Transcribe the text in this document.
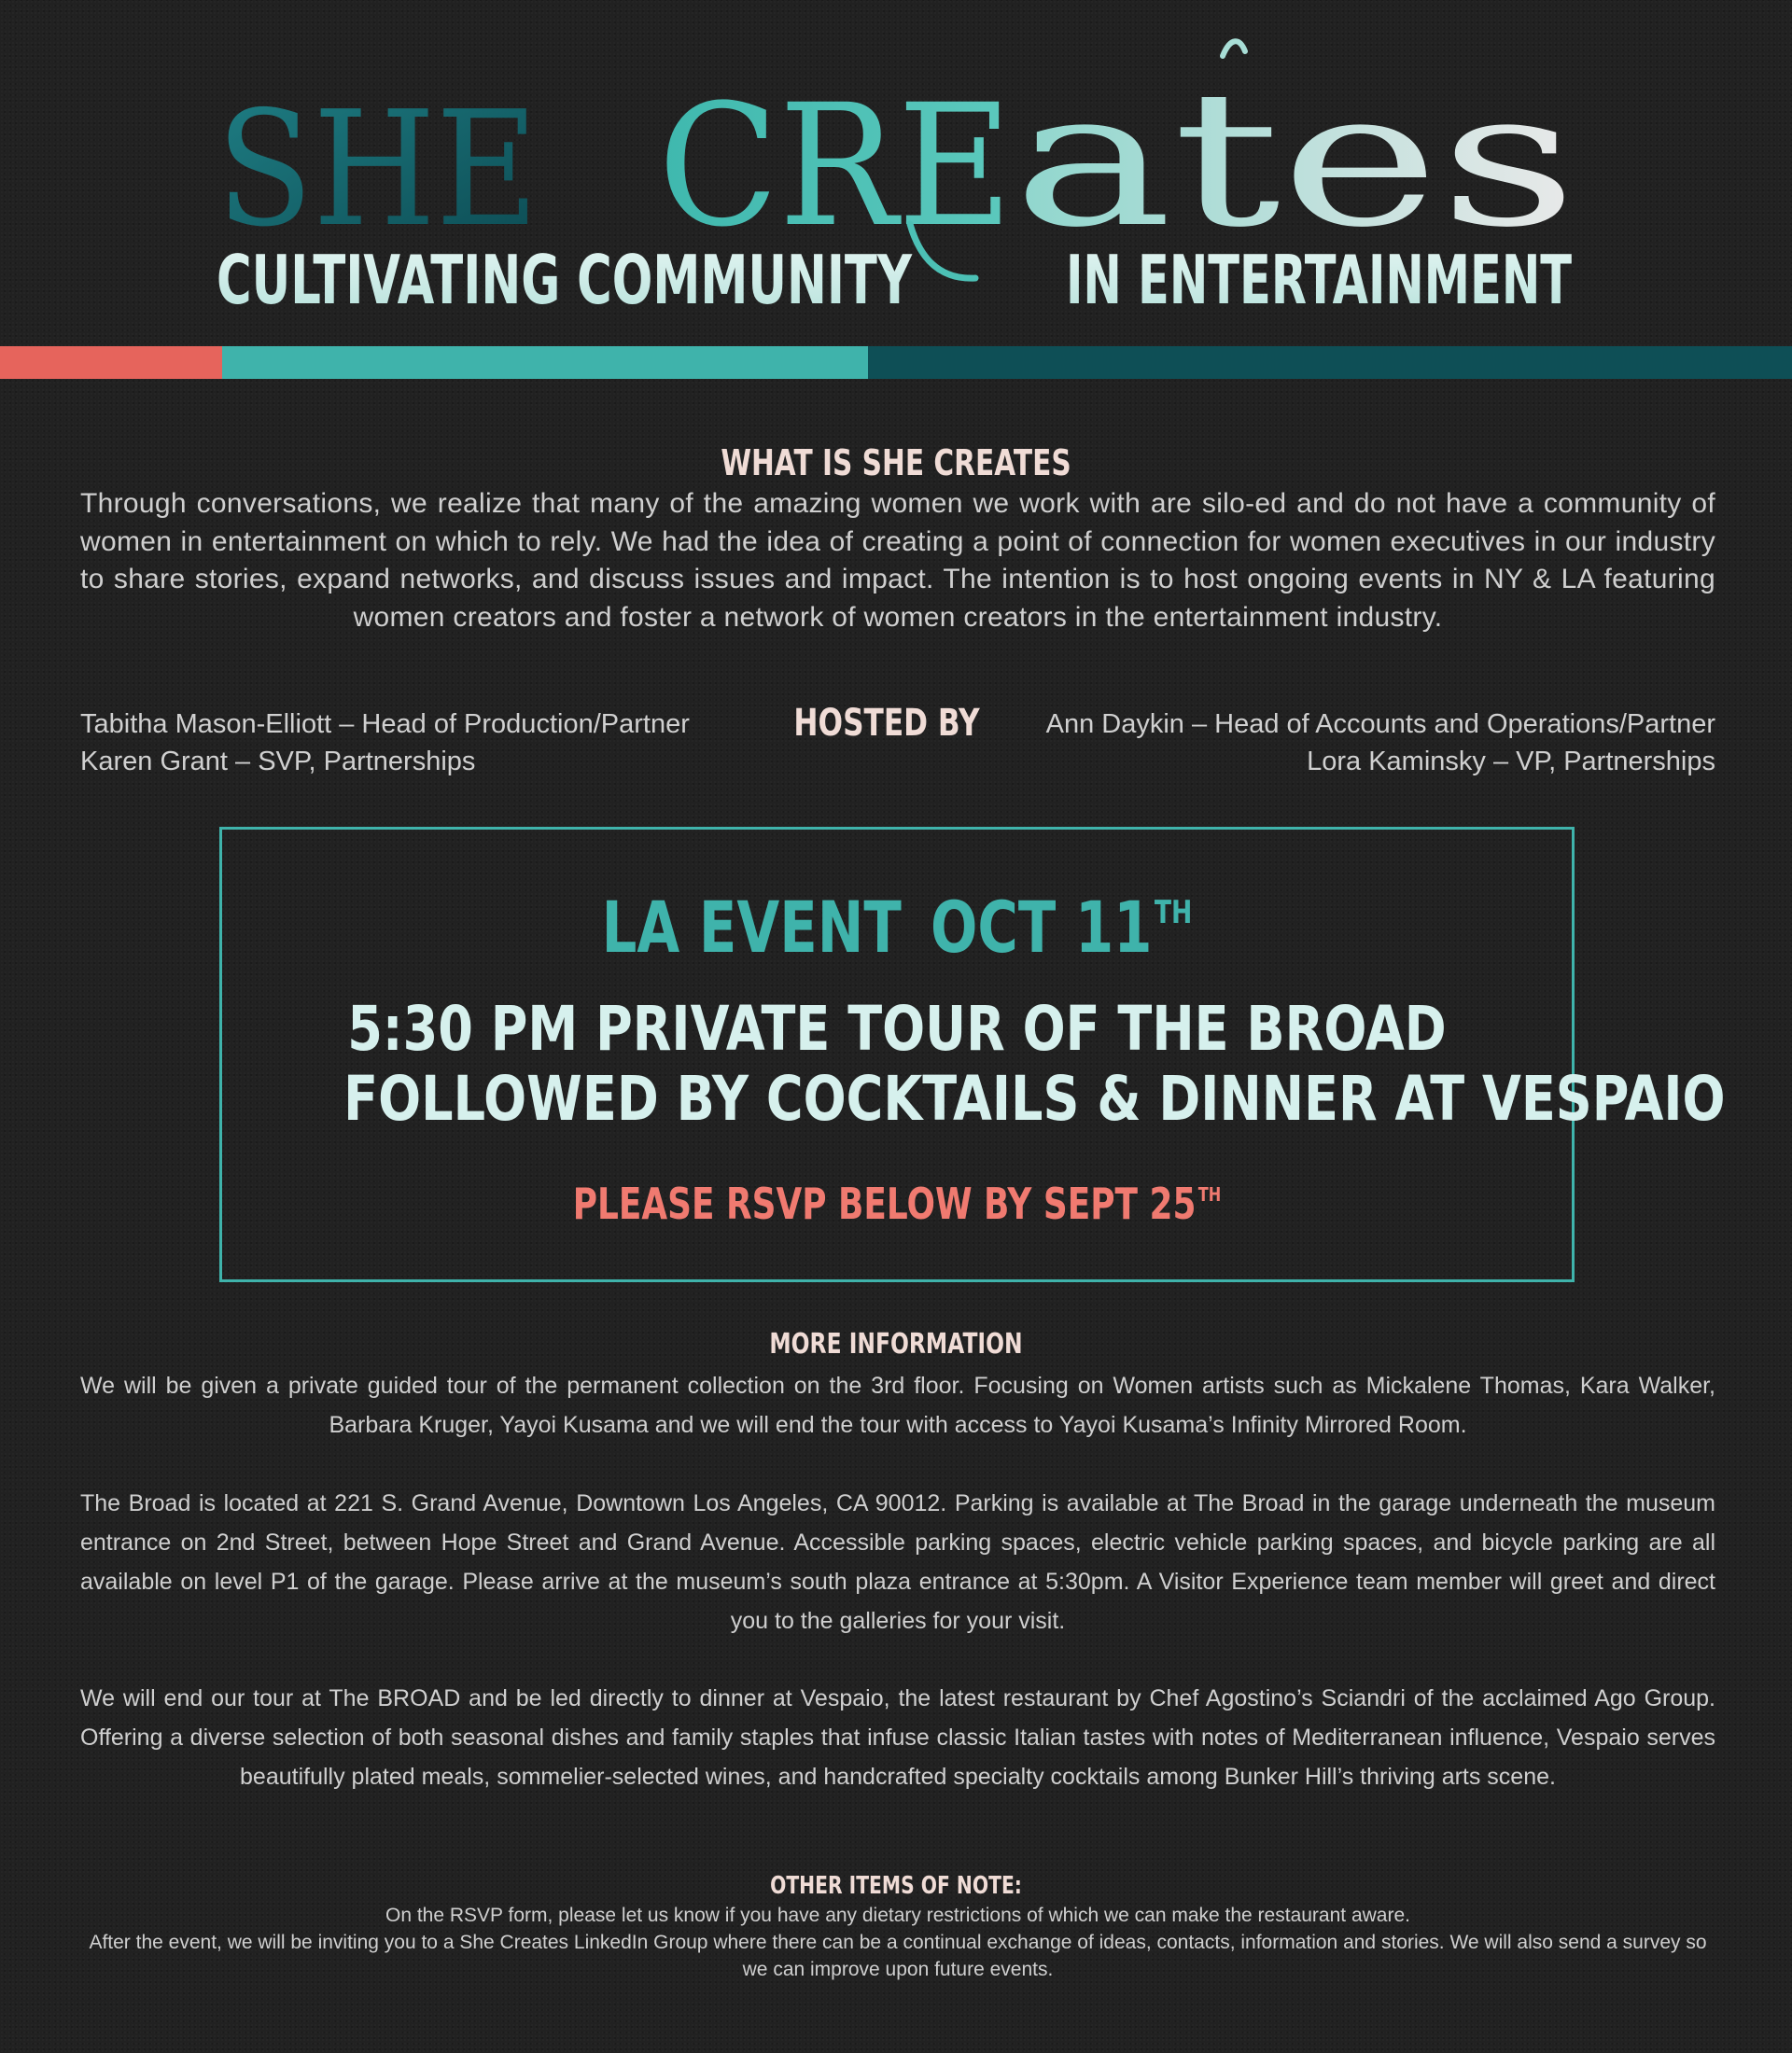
SHE CRE ates
CULTIVATING COMMUNITY IN ENTERTAINMENT
WHAT IS SHE CREATES
Through conversations, we realize that many of the amazing women we work with are silo-ed and do not have a community of women in entertainment on which to rely. We had the idea of creating a point of connection for women executives in our industry to share stories, expand networks, and discuss issues and impact. The intention is to host ongoing events in NY & LA featuring women creators and foster a network of women creators in the entertainment industry.
Tabitha Mason-Elliott – Head of Production/Partner
Karen Grant – SVP, Partnerships
HOSTED BY	Ann Daykin – Head of Accounts and Operations/Partner
Lora Kaminsky – VP, Partnerships
LA EVENT OCT 11TH
5:30 PM PRIVATE TOUR OF THE BROAD
FOLLOWED BY COCKTAILS & DINNER AT VESPAIO
PLEASE RSVP BELOW BY SEPT 25 $^{TH}$
MORE INFORMATION
We will be given a private guided tour of the permanent collection on the 3rd floor. Focusing on Women artists such as Mickalene Thomas, Kara Walker, Barbara Kruger, Yayoi Kusama and we will end the tour with access to Yayoi Kusama’s Infinity Mirrored Room.
The Broad is located at 221 S. Grand Avenue, Downtown Los Angeles, CA 90012. Parking is available at The Broad in the garage underneath the museum entrance on 2nd Street, between Hope Street and Grand Avenue. Accessible parking spaces, electric vehicle parking spaces, and bicycle parking are all available on level P1 of the garage. Please arrive at the museum’s south plaza entrance at 5:30pm. A Visitor Experience team member will greet and direct you to the galleries for your visit.
We will end our tour at The BROAD and be led directly to dinner at Vespaio, the latest restaurant by Chef Agostino’s Sciandri of the acclaimed Ago Group. Offering a diverse selection of both seasonal dishes and family staples that infuse classic Italian tastes with notes of Mediterranean influence, Vespaio serves beautifully plated meals, sommelier-selected wines, and handcrafted specialty cocktails among Bunker Hill’s thriving arts scene.
OTHER ITEMS OF NOTE:
On the RSVP form, please let us know if you have any dietary restrictions of which we can make the restaurant aware.
After the event, we will be inviting you to a She Creates LinkedIn Group where there can be a continual exchange of ideas, contacts, information and stories. We will also send a survey so we can improve upon future events.
